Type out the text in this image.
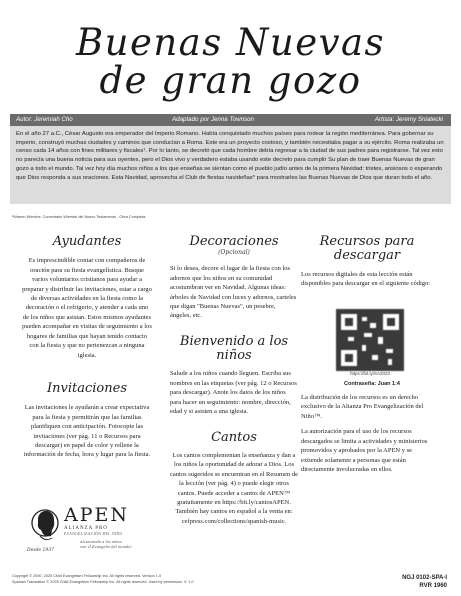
Buenas Nuevas
de gran gozo
Autor: Jeremiah Cho	Adaptado por Jenna Townson	Artista: Jeremy Sniatecki
En el año 27 a.C., César Augusto era emperador del Imperio Romano. Había conquistado muchos países para rodear la región mediterránea. Para gobernar su imperio, construyó muchas ciudades y caminos que conducían a Roma. Este era un proyecto costoso, y también necesitaba pagar a su ejército. Roma realizaba un censo cada 14 años con fines militares y fiscales¹. Por lo tanto, se decretó que cada hombre debía regresar a la ciudad de sus padres para registrarse. Tal vez esto no parecía una buena noticia para sus oyentes, pero el Dios vivo y verdadero estaba usando este decreto para cumplir Su plan de traer Buenas Nuevas de gran gozo a todo el mundo. Tal vez hoy día muchos niños a los que enseñas se sientan como el pueblo judío antes de la primera Navidad: tristes, ansiosos o esperando que Dios responda a sus oraciones. Esta Navidad, aprovecha el Club de fiestas navideñas* para mostrarles las Buenas Nuevas de Dios que duran todo el año.
¹Warren Wiersbe, Comentario Wiersbe del Nuevo Testamento - Obra Completa.
Ayudantes

Es imprescindible contar con compañeros de oración para su fiesta evangelística. Busque varios voluntarios cristianos para ayudar a preparar y distribuir las invitaciones, estar a cargo de diversas actividades en la fiesta como la decoración o el refrigerio, y atender a cada uno de los niños que asistan. Estos mismos ayudantes pueden acompañar en visitas de seguimiento a los hogares de familias que hayan tenido contacto con la fiesta y que no pertenezcan a ninguna iglesia.

Invitaciones

Las invitaciones le ayudarán a crear expectativa para la fiesta y permitirán que las familias planifiquen con anticipación. Fotocopie las invitaciones (ver pág. 11 o Recursos para descargar) en papel de color y rellene la información de fecha, hora y lugar para la fiesta.

Decoraciones
(Opcional)

Si lo desea, decore el lugar de la fiesta con los adornos que los niños en su comunidad acostumbran ver en Navidad. Algunas ideas: árboles de Navidad con luces y adornos, carteles que digan "Buenas Nuevas", un pesebre, ángeles, etc.

Bienvenido a los niños

Salude a los niños cuando lleguen. Escriba sus nombres en las etiquetas (ver pág. 12 o Recursos para descargar). Anote los datos de los niños para hacer un seguimiento: nombre, dirección, edad y si asisten a una iglesia.

Cantos

Los cantos complementan la enseñanza y dan a los niños la oportunidad de adorar a Dios. Los cantos sugeridos se encuentran en el Resumen de la lección (ver pág. 4) o puede elegir otros cantos. Puede acceder a cantos de APEN™ gratuitamente en https://bit.ly/cantosAPEN. También hay cantos en español a la venta en: cefpress.com/collections/spanish-music.

Recursos para descargar

Los recursos digitales de esta lección están disponibles para descargar en el siguiente código:

https://bit.ly/SA2022
Contraseña: Juan 1:4

La distribución de los recursos es un derecho exclusivo de la Alianza Pro Evangelización del Niño™.

La autorización para el uso de los recursos descargados se limita a actividades y ministerios promovidos y aprobados por la APEN y se extiende solamente a personas que están directamente involucradas en ellos.

APEN
ALIANZA PRO
EVANGELIZACIÓN DEL NIÑO
Alcanzando a los niños
con el Evangelio del mundo!
Desde 1937
Copyright © 2000, 2025 Child Evangelism Fellowship Inc. All rights reserved. Version 1.0
Spanish Translation © 2025 Child Evangelism Fellowship Inc. All rights reserved. Used by permission. V. 1.0
NGJ 0102-SPA-I
RVR 1960
